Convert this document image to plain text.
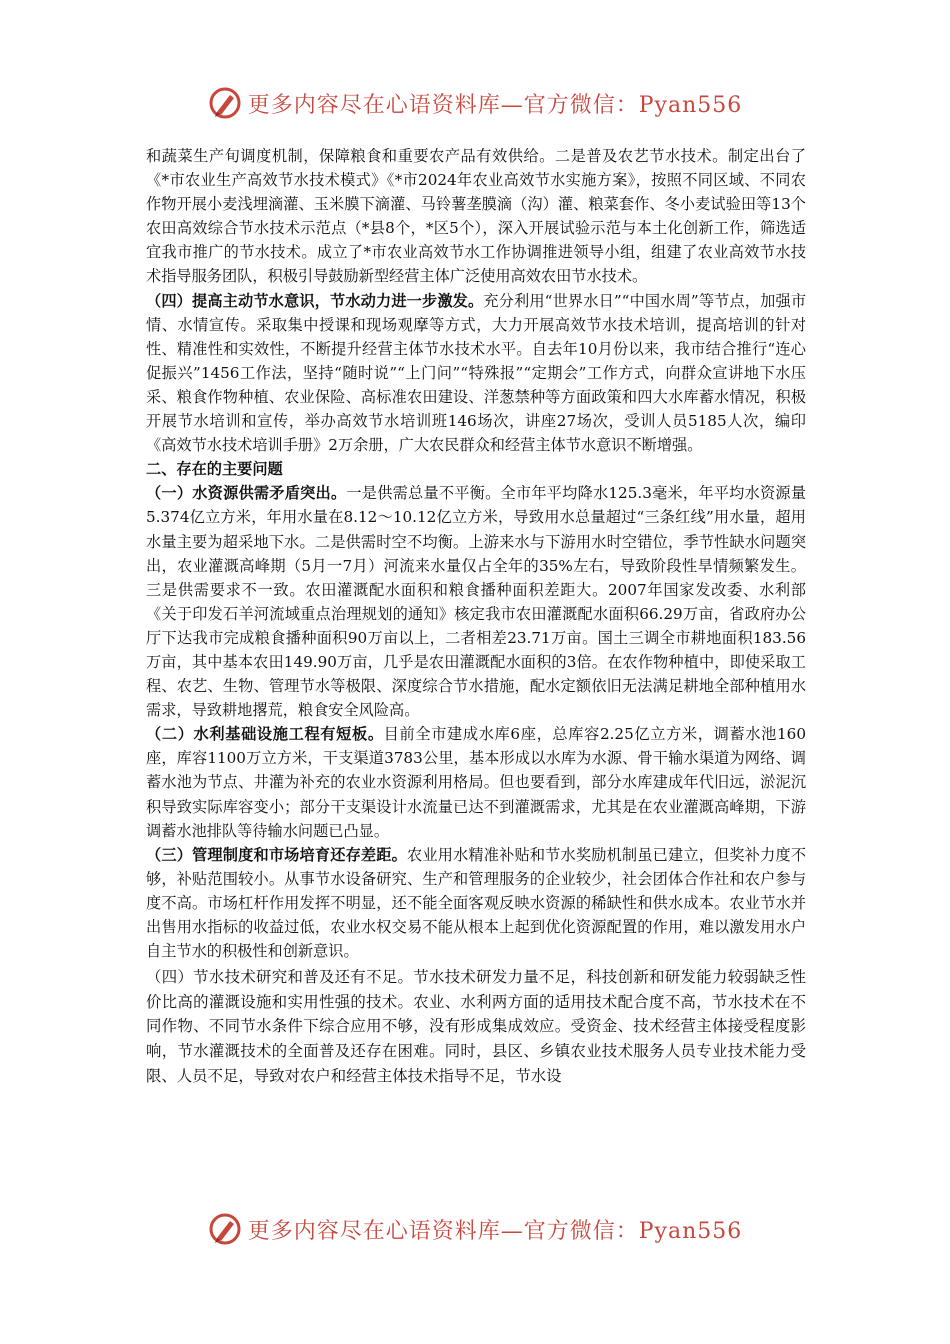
更多内容尽在心语资料库—官方微信：Pyan556

和蔬菜生产旬调度机制，保障粮食和重要农产品有效供给。二是普及农艺节水技术。制定出台了《*市农业生产高效节水技术模式》《*市2024年农业高效节水实施方案》，按照不同区域、不同农作物开展小麦浅埋滴灌、玉米膜下滴灌、马铃薯垄膜滴（沟）灌、粮菜套作、冬小麦试验田等13个农田高效综合节水技术示范点（*县8个，*区5个），深入开展试验示范与本土化创新工作，筛选适宜我市推广的节水技术。成立了*市农业高效节水工作协调推进领导小组，组建了农业高效节水技术指导服务团队，积极引导鼓励新型经营主体广泛使用高效农田节水技术。

（四）提高主动节水意识，节水动力进一步激发。充分利用“世界水日”“中国水周”等节点，加强市情、水情宣传。采取集中授课和现场观摩等方式，大力开展高效节水技术培训，提高培训的针对性、精准性和实效性，不断提升经营主体节水技术水平。自去年10月份以来，我市结合推行“连心促振兴”1456工作法，坚持“随时说”“上门问”“特殊报”“定期会”工作方式，向群众宣讲地下水压采、粮食作物种植、农业保险、高标准农田建设、洋葱禁种等方面政策和四大水库蓄水情况，积极开展节水培训和宣传，举办高效节水培训班146场次，讲座27场次，受训人员5185人次，编印《高效节水技术培训手册》2万余册，广大农民群众和经营主体节水意识不断增强。

二、存在的主要问题

（一）水资源供需矛盾突出。一是供需总量不平衡。全市年平均降水125.3毫米，年平均水资源量5.374亿立方米，年用水量在8.12～10.12亿立方米，导致用水总量超过“三条红线”用水量，超用水量主要为超采地下水。二是供需时空不均衡。上游来水与下游用水时空错位，季节性缺水问题突出，农业灌溉高峰期（5月一7月）河流来水量仅占全年的35%左右，导致阶段性旱情频繁发生。三是供需要求不一致。农田灌溉配水面积和粮食播种面积差距大。2007年国家发改委、水利部《关于印发石羊河流域重点治理规划的通知》核定我市农田灌溉配水面积66.29万亩，省政府办公厅下达我市完成粮食播种面积90万亩以上，二者相差23.71万亩。国土三调全市耕地面积183.56万亩，其中基本农田149.90万亩，几乎是农田灌溉配水面积的3倍。在农作物种植中，即使采取工程、农艺、生物、管理节水等极限、深度综合节水措施，配水定额依旧无法满足耕地全部种植用水需求，导致耕地撂荒，粮食安全风险高。

（二）水利基础设施工程有短板。目前全市建成水库6座，总库容2.25亿立方米，调蓄水池160座，库容1100万立方米，干支渠道3783公里，基本形成以水库为水源、骨干输水渠道为网络、调蓄水池为节点、井灌为补充的农业水资源利用格局。但也要看到，部分水库建成年代旧远，淤泥沉积导致实际库容变小；部分干支渠设计水流量已达不到灌溉需求，尤其是在农业灌溉高峰期，下游调蓄水池排队等待输水问题已凸显。

（三）管理制度和市场培育还存差距。农业用水精准补贴和节水奖励机制虽已建立，但奖补力度不够，补贴范围较小。从事节水设备研究、生产和管理服务的企业较少，社会团体合作社和农户参与度不高。市场杠杆作用发挥不明显，还不能全面客观反映水资源的稀缺性和供水成本。农业节水并出售用水指标的收益过低，农业水权交易不能从根本上起到优化资源配置的作用，难以激发用水户自主节水的积极性和创新意识。

（四）节水技术研究和普及还有不足。节水技术研发力量不足，科技创新和研发能力较弱缺乏性价比高的灌溉设施和实用性强的技术。农业、水利两方面的适用技术配合度不高，节水技术在不同作物、不同节水条件下综合应用不够，没有形成集成效应。受资金、技术经营主体接受程度影响，节水灌溉技术的全面普及还存在困难。同时，县区、乡镇农业技术服务人员专业技术能力受限、人员不足，导致对农户和经营主体技术指导不足，节水设

更多内容尽在心语资料库—官方微信：Pyan556
